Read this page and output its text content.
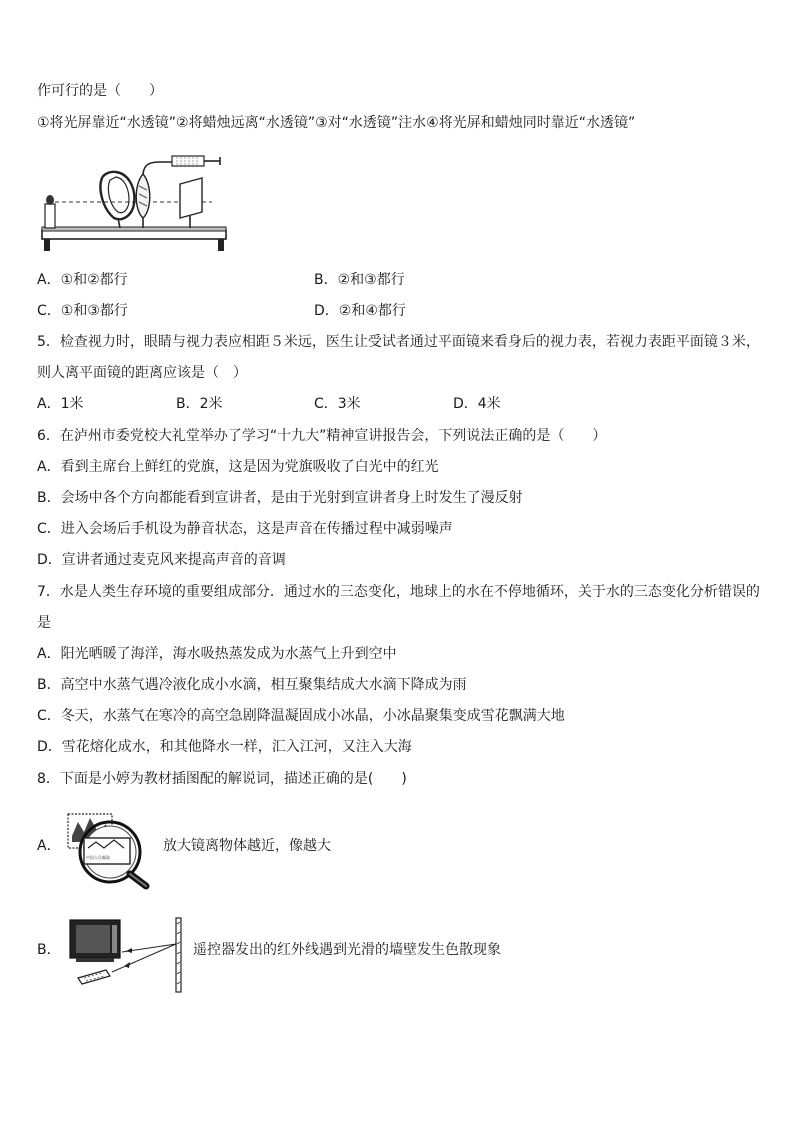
作可行的是（　　）
①将光屏靠近“水透镜”②将蜡烛远离“水透镜”③对“水透镜”注水④将光屏和蜡烛同时靠近“水透镜”
A．①和②都行	B．②和③都行
C．①和③都行	D．②和④都行
5．检查视力时，眼睛与视力表应相距５米远，医生让受试者通过平面镜来看身后的视力表，若视力表距平面镜３米，
则人离平面镜的距离应该是（　）
A．1米	B．2米	C．3米	D．4米
6．在泸州市委党校大礼堂举办了学习“十九大”精神宣讲报告会，下列说法正确的是（　　）
A．看到主席台上鲜红的党旗，这是因为党旗吸收了白光中的红光
B．会场中各个方向都能看到宣讲者，是由于光射到宣讲者身上时发生了漫反射
C．进入会场后手机设为静音状态，这是声音在传播过程中减弱噪声
D．宣讲者通过麦克风来提高声音的音调
7．水是人类生存环境的重要组成部分．通过水的三态变化，地球上的水在不停地循环，关于水的三态变化分析错误的
是
A．阳光晒暖了海洋，海水吸热蒸发成为水蒸气上升到空中
B．高空中水蒸气遇冷液化成小水滴，相互聚集结成大水滴下降成为雨
C．冬天，水蒸气在寒冷的高空急剧降温凝固成小冰晶，小冰晶聚集变成雪花飘满大地
D．雪花熔化成水，和其他降水一样，汇入江河，又注入大海
8．下面是小婷为教材插图配的解说词，描述正确的是(　　)
A．
中国人民邮政
放大镜离物体越近，像越大
B．	遥控器发出的红外线遇到光滑的墙壁发生色散现象
